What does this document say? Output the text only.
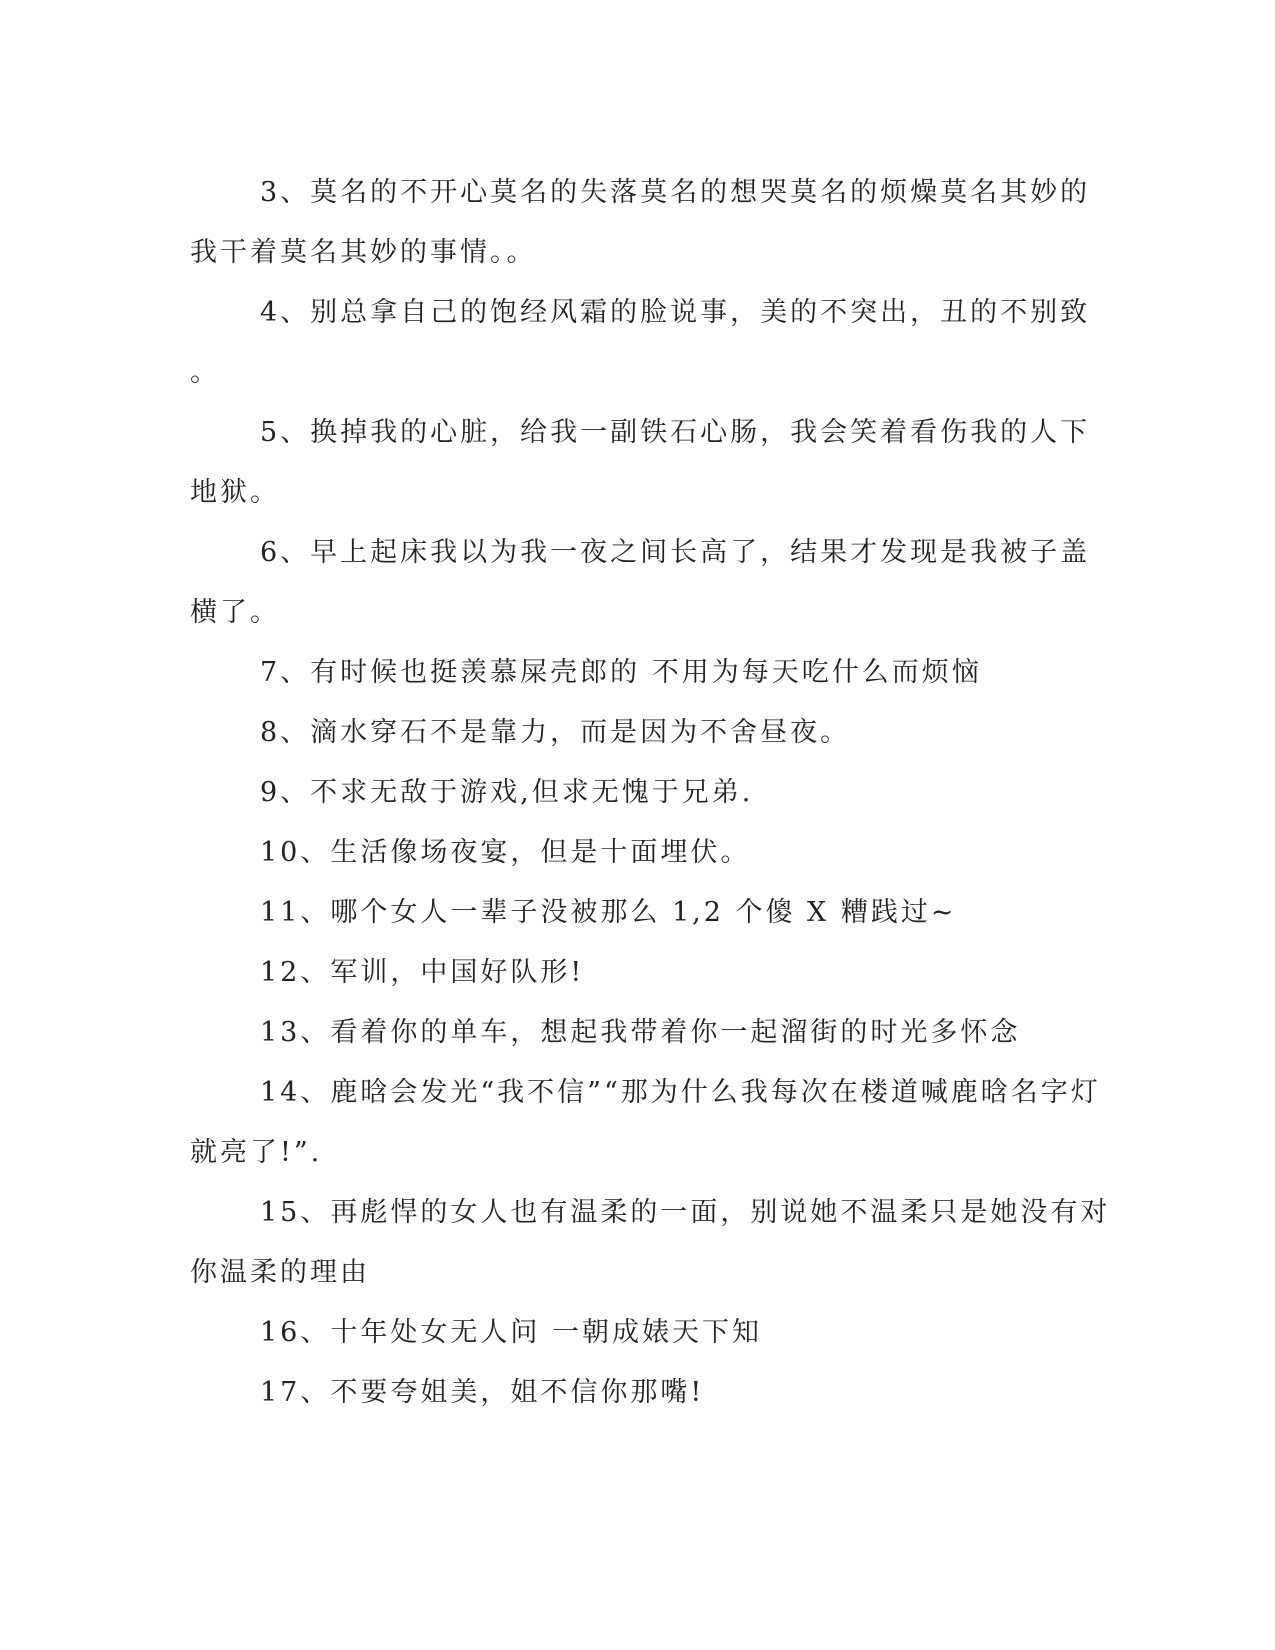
3、莫名的不开心莫名的失落莫名的想哭莫名的烦燥莫名其妙的
我干着莫名其妙的事情。。

4、别总拿自己的饱经风霜的脸说事，美的不突出，丑的不别致
。

5、换掉我的心脏，给我一副铁石心肠，我会笑着看伤我的人下
地狱。

6、早上起床我以为我一夜之间长高了，结果才发现是我被子盖
横了。

7、有时候也挺羡慕屎壳郎的 不用为每天吃什么而烦恼

8、滴水穿石不是靠力，而是因为不舍昼夜。

9、不求无敌于游戏,但求无愧于兄弟.

10、生活像场夜宴，但是十面埋伏。

11、哪个女人一辈子没被那么 1,2 个傻 X 糟践过~

12、军训，中国好队形!

13、看着你的单车，想起我带着你一起溜街的时光多怀念

14、鹿晗会发光“我不信”“那为什么我每次在楼道喊鹿晗名字灯
就亮了!”.

15、再彪悍的女人也有温柔的一面，别说她不温柔只是她没有对
你温柔的理由

16、十年处女无人问 一朝成婊天下知

17、不要夸姐美，姐不信你那嘴!
